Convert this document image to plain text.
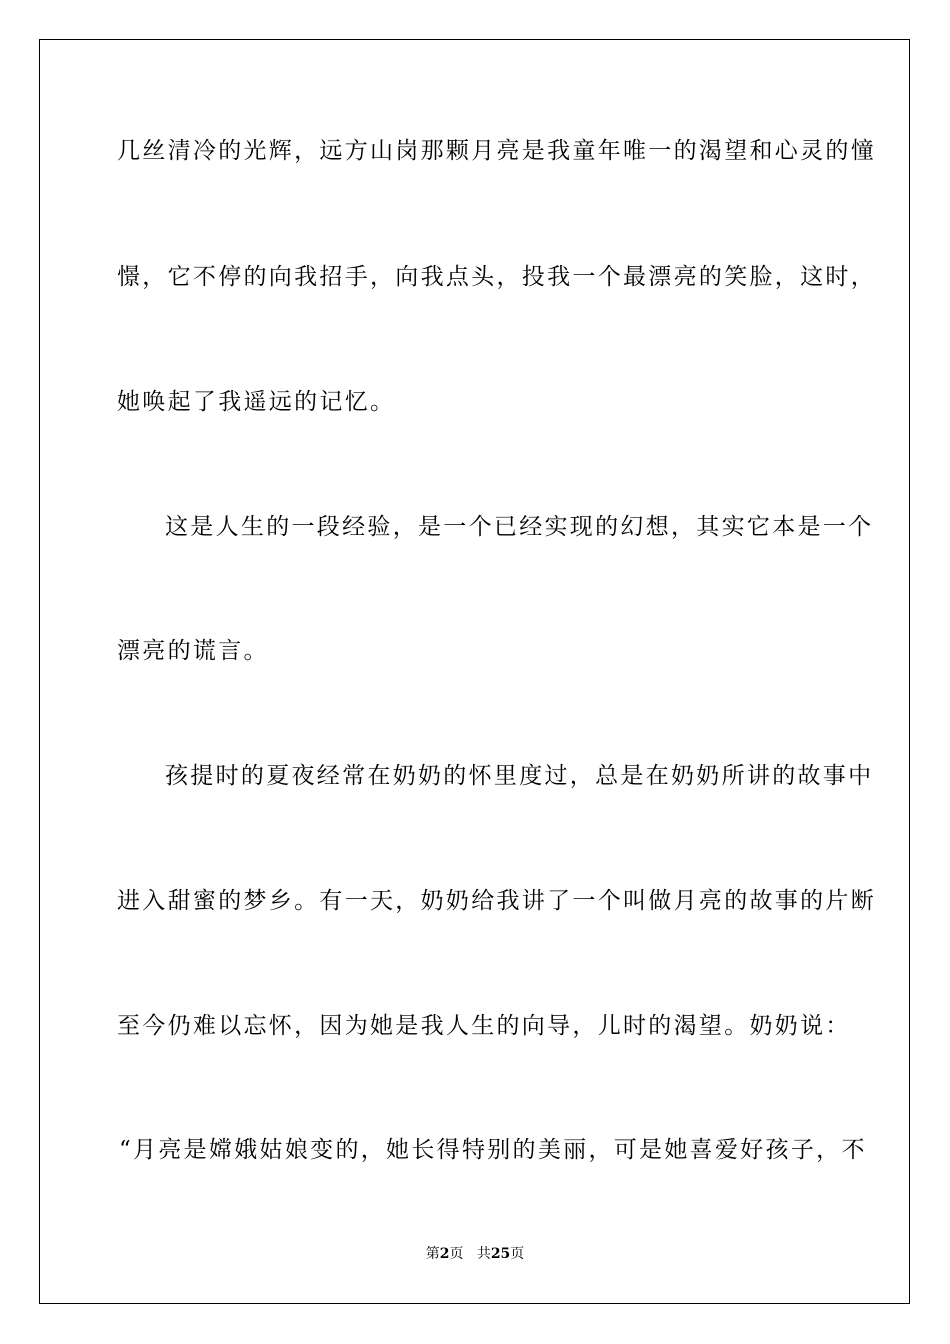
几丝清冷的光辉，远方山岗那颗月亮是我童年唯一的渴望和心灵的憧
憬，它不停的向我招手，向我点头，投我一个最漂亮的笑脸，这时，
她唤起了我遥远的记忆。
这是人生的一段经验，是一个已经实现的幻想，其实它本是一个
漂亮的谎言。
孩提时的夏夜经常在奶奶的怀里度过，总是在奶奶所讲的故事中
进入甜蜜的梦乡。有一天，奶奶给我讲了一个叫做月亮的故事的片断
至今仍难以忘怀，因为她是我人生的向导，儿时的渴望。奶奶说：
“月亮是嫦娥姑娘变的，她长得特别的美丽，可是她喜爱好孩子，不
第2页 共25页
